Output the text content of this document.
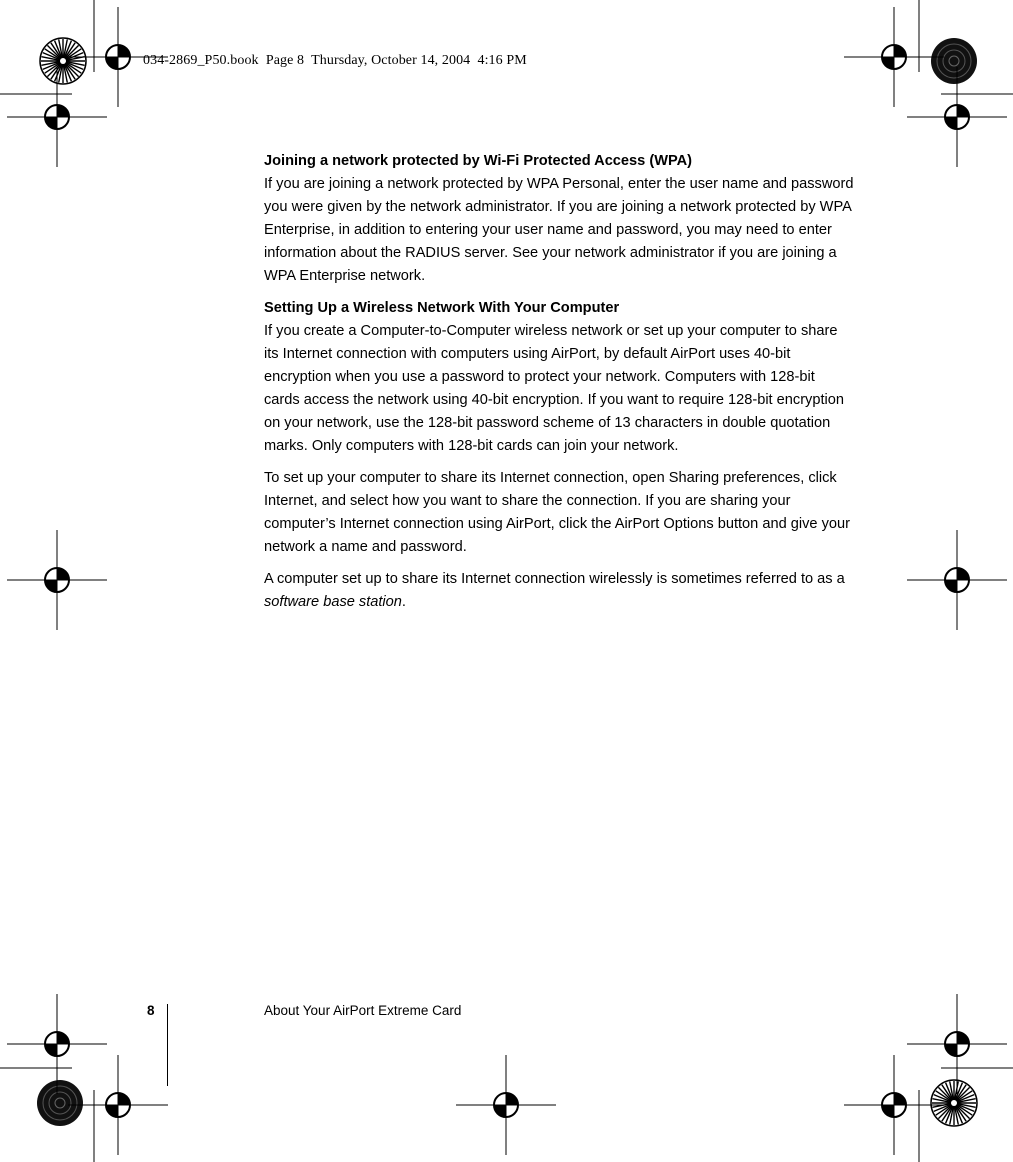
034-2869_P50.book  Page 8  Thursday, October 14, 2004  4:16 PM
Joining a network protected by Wi-Fi Protected Access (WPA)
If you are joining a network protected by WPA Personal, enter the user name and password you were given by the network administrator. If you are joining a network protected by WPA Enterprise, in addition to entering your user name and password, you may need to enter information about the RADIUS server. See your network administrator if you are joining a WPA Enterprise network.
Setting Up a Wireless Network With Your Computer
If you create a Computer-to-Computer wireless network or set up your computer to share its Internet connection with computers using AirPort, by default AirPort uses 40-bit encryption when you use a password to protect your network. Computers with 128-bit cards access the network using 40-bit encryption. If you want to require 128-bit encryption on your network, use the 128-bit password scheme of 13 characters in double quotation marks. Only computers with 128-bit cards can join your network.

To set up your computer to share its Internet connection, open Sharing preferences, click Internet, and select how you want to share the connection. If you are sharing your computer’s Internet connection using AirPort, click the AirPort Options button and give your network a name and password.

A computer set up to share its Internet connection wirelessly is sometimes referred to as a software base station.

8	About Your AirPort Extreme Card
